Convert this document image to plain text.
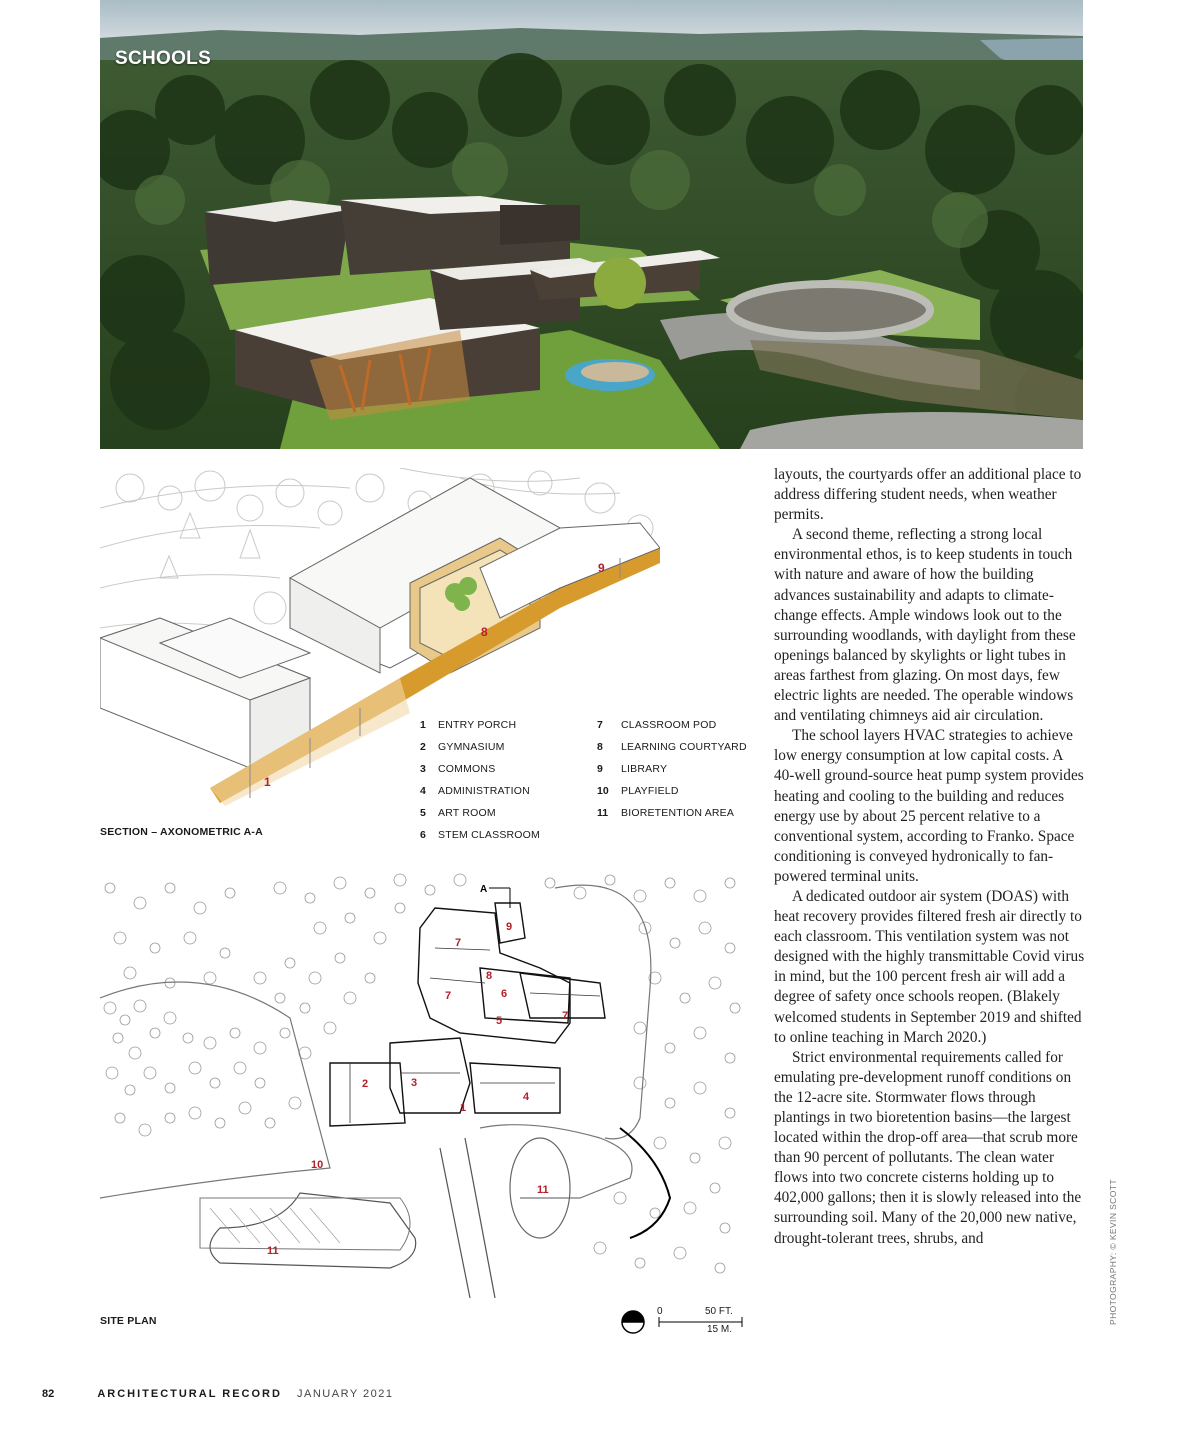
SCHOOLS
1
8
9
1 ENTRY PORCH
2 GYMNASIUM
3 COMMONS
4 ADMINISTRATION
5 ART ROOM
6 STEM CLASSROOM
7 CLASSROOM POD
8 LEARNING COURTYARD
9 LIBRARY
10 PLAYFIELD
11 BIORETENTION AREA
SECTION – AXONOMETRIC A-A
A
9
7
8
7	6
5	7
2	3
4
1
10
11
11
SITE PLAN
0	50 FT.
15 M.

layouts, the courtyards offer an additional place to address differing student needs, when weather permits.

A second theme, reflecting a strong local environmental ethos, is to keep students in touch with nature and aware of how the building advances sustainability and adapts to climate-change effects. Ample windows look out to the surrounding woodlands, with daylight from these openings balanced by skylights or light tubes in areas farthest from glazing. On most days, few electric lights are needed. The operable windows and ventilating chimneys aid air circulation.

The school layers HVAC strategies to achieve low energy consumption at low capital costs. A 40-well ground-source heat pump system provides heating and cooling to the building and reduces energy use by about 25 percent relative to a conventional system, according to Franko. Space conditioning is conveyed hydronically to fan-powered terminal units.

A dedicated outdoor air system (DOAS) with heat recovery provides filtered fresh air directly to each classroom. This ventilation system was not designed with the highly transmittable Covid virus in mind, but the 100 percent fresh air will add a degree of safety once schools reopen. (Blakely welcomed students in September 2019 and shifted to online teaching in March 2020.)

Strict environmental requirements called for emulating pre-development runoff conditions on the 12-acre site. Stormwater flows through plantings in two bioretention basins—the largest located within the drop-off area—that scrub more than 90 percent of pollutants. The clean water flows into two concrete cisterns holding up to 402,000 gallons; then it is slowly released into the surrounding soil. Many of the 20,000 new native, drought-tolerant trees, shrubs, and	PHOTOGRAPHY: © KEVIN SCOTT
82	ARCHITECTURAL RECORD JANUARY 2021
